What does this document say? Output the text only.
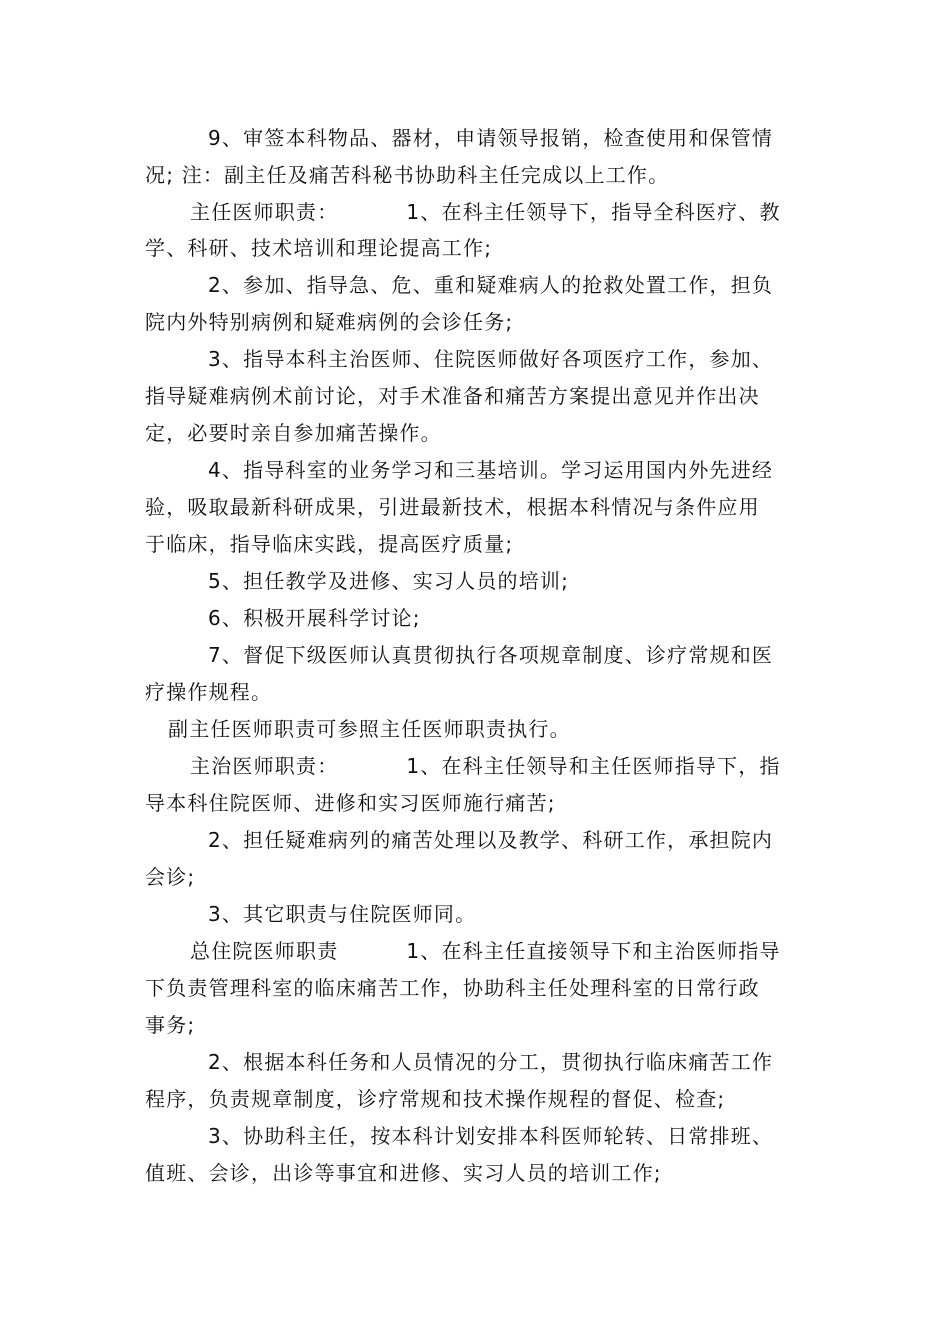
9、审签本科物品、器材，申请领导报销，检查使用和保管情
况; 注：副主任及痛苦科秘书协助科主任完成以上工作。
主任医师职责：	1、在科主任领导下，指导全科医疗、教
学、科研、技术培训和理论提高工作;
2、参加、指导急、危、重和疑难病人的抢救处置工作，担负
院内外特别病例和疑难病例的会诊任务;
3、指导本科主治医师、住院医师做好各项医疗工作，参加、
指导疑难病例术前讨论，对手术准备和痛苦方案提出意见并作出决
定，必要时亲自参加痛苦操作。
4、指导科室的业务学习和三基培训。学习运用国内外先进经
验，吸取最新科研成果，引进最新技术，根据本科情况与条件应用
于临床，指导临床实践，提高医疗质量;
5、担任教学及进修、实习人员的培训;
6、积极开展科学讨论;
7、督促下级医师认真贯彻执行各项规章制度、诊疗常规和医
疗操作规程。
副主任医师职责可参照主任医师职责执行。
主治医师职责：	1、在科主任领导和主任医师指导下，指
导本科住院医师、进修和实习医师施行痛苦;
2、担任疑难病列的痛苦处理以及教学、科研工作，承担院内
会诊;
3、其它职责与住院医师同。
总住院医师职责	1、在科主任直接领导下和主治医师指导
下负责管理科室的临床痛苦工作，协助科主任处理科室的日常行政
事务;
2、根据本科任务和人员情况的分工，贯彻执行临床痛苦工作
程序，负责规章制度，诊疗常规和技术操作规程的督促、检查;
3、协助科主任，按本科计划安排本科医师轮转、日常排班、
值班、会诊，出诊等事宜和进修、实习人员的培训工作;
